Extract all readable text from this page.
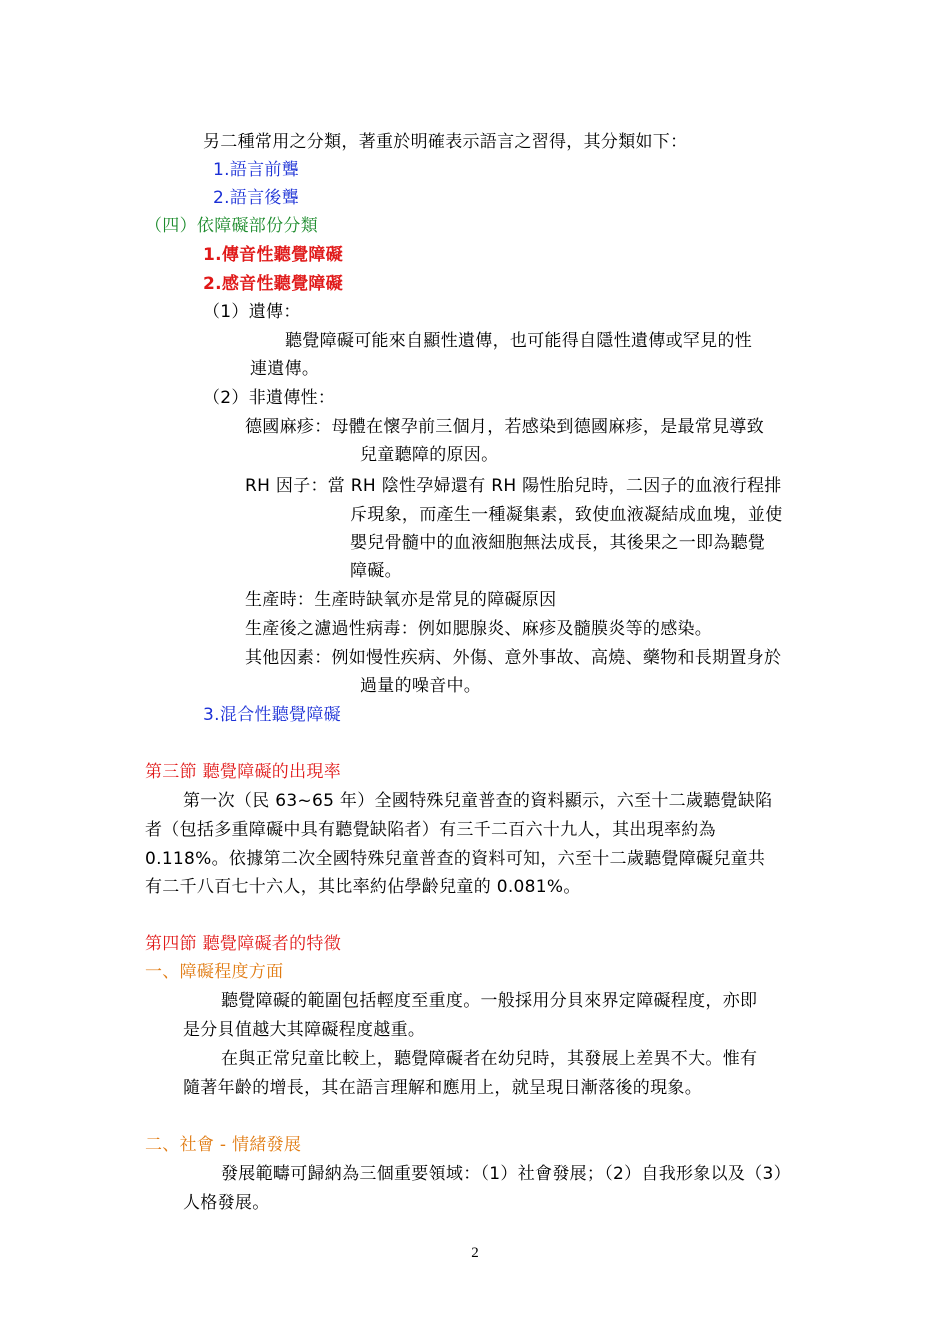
另二種常用之分類，著重於明確表示語言之習得，其分類如下：
1.語言前聾
2.語言後聾
（四）依障礙部份分類
1.傳音性聽覺障礙
2.感音性聽覺障礙
（1）遺傳：
聽覺障礙可能來自顯性遺傳，也可能得自隱性遺傳或罕見的性
連遺傳。
（2）非遺傳性：
德國麻疹：母體在懷孕前三個月，若感染到德國麻疹，是最常見導致
兒童聽障的原因。
RH 因子：當 RH 陰性孕婦還有 RH 陽性胎兒時，二因子的血液行程排
斥現象，而產生一種凝集素，致使血液凝結成血塊，並使
嬰兒骨髓中的血液細胞無法成長，其後果之一即為聽覺
障礙。
生產時：生產時缺氧亦是常見的障礙原因
生產後之濾過性病毒：例如腮腺炎、麻疹及髓膜炎等的感染。
其他因素：例如慢性疾病、外傷、意外事故、高燒、藥物和長期置身於
過量的噪音中。
3.混合性聽覺障礙
第三節 聽覺障礙的出現率
第一次（民 63~65 年）全國特殊兒童普查的資料顯示，六至十二歲聽覺缺陷
者（包括多重障礙中具有聽覺缺陷者）有三千二百六十九人，其出現率約為
0.118%。依據第二次全國特殊兒童普查的資料可知，六至十二歲聽覺障礙兒童共
有二千八百七十六人，其比率約佔學齡兒童的 0.081%。
第四節 聽覺障礙者的特徵
一、障礙程度方面
聽覺障礙的範圍包括輕度至重度。一般採用分貝來界定障礙程度，亦即
是分貝值越大其障礙程度越重。
在與正常兒童比較上，聽覺障礙者在幼兒時，其發展上差異不大。惟有
隨著年齡的增長，其在語言理解和應用上，就呈現日漸落後的現象。
二、社會 - 情緒發展
發展範疇可歸納為三個重要領域：（1）社會發展；（2）自我形象以及（3）
人格發展。
2
